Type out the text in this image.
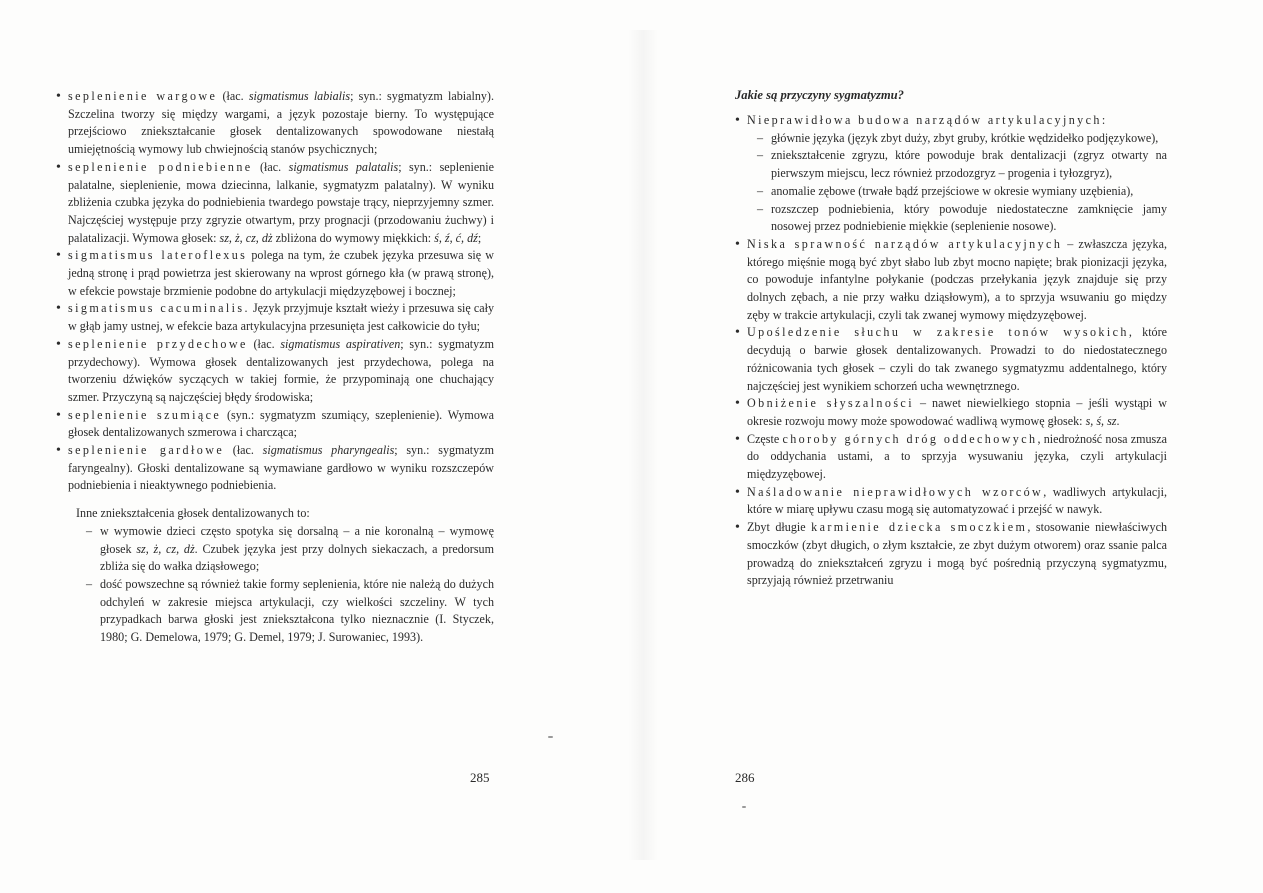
• seplenienie wargowe (łac. sigmatismus labialis; syn.: sygmatyzm labialny). Szczelina tworzy się między wargami, a język pozostaje bierny. To występujące przejściowo zniekształcanie głosek dentalizowanych spowodowane niestałą umiejętnością wymowy lub chwiejnością stanów psychicznych;
• seplenienie podniebienne (łac. sigmatismus palatalis; syn.: seplenienie palatalne, sieplenienie, mowa dziecinna, lalkanie, sygmatyzm palatalny). W wyniku zbliżenia czubka języka do podniebienia twardego powstaje trący, nieprzyjemny szmer. Najczęściej występuje przy zgryzie otwartym, przy prognacji (przodowaniu żuchwy) i palatalizacji. Wymowa głosek: sz, ż, cz, dż zbliżona do wymowy miękkich: ś, ź, ć, dź;
• sigmatismus lateroflexus polega na tym, że czubek języka przesuwa się w jedną stronę i prąd powietrza jest skierowany na wprost górnego kła (w prawą stronę), w efekcie powstaje brzmienie podobne do artykulacji międzyzębowej i bocznej;
• sigmatismus cacuminalis. Język przyjmuje kształt wieży i przesuwa się cały w głąb jamy ustnej, w efekcie baza artykulacyjna przesunięta jest całkowicie do tyłu;
• seplenienie przydechowe (łac. sigmatismus aspirativen; syn.: sygmatyzm przydechowy). Wymowa głosek dentalizowanych jest przydechowa, polega na tworzeniu dźwięków syczących w takiej formie, że przypominają one chuchający szmer. Przyczyną są najczęściej błędy środowiska;
• seplenienie szumiące (syn.: sygmatyzm szumiący, szeplenienie). Wymowa głosek dentalizowanych szmerowa i charcząca;
• seplenienie gardłowe (łac. sigmatismus pharyngealis; syn.: sygmatyzm faryngealny). Głoski dentalizowane są wymawiane gardłowo w wyniku rozszczepów podniebienia i nieaktywnego podniebienia.
Inne zniekształcenia głosek dentalizowanych to:
– w wymowie dzieci często spotyka się dorsalną – a nie koronalną – wymowę głosek sz, ż, cz, dż. Czubek języka jest przy dolnych siekaczach, a predorsum zbliża się do wałka dziąsłowego;
– dość powszechne są również takie formy seplenienia, które nie należą do dużych odchyleń w zakresie miejsca artykulacji, czy wielkości szczeliny. W tych przypadkach barwa głoski jest zniekształcona tylko nieznacznie (I. Styczek, 1980; G. Demelowa, 1979; G. Demel, 1979; J. Surowaniec, 1993).
285
Jakie są przyczyny sygmatyzmu?
• Nieprawidłowa budowa narządów artykulacyjnych:
– głównie języka (język zbyt duży, zbyt gruby, krótkie wędzidełko podjęzykowe),
– zniekształcenie zgryzu, które powoduje brak dentalizacji (zgryz otwarty na pierwszym miejscu, lecz również przodozgryz – progenia i tyłozgryz),
– anomalie zębowe (trwałe bądź przejściowe w okresie wymiany uzębienia),
– rozszczep podniebienia, który powoduje niedostateczne zamknięcie jamy nosowej przez podniebienie miękkie (seplenienie nosowe).
• Niska sprawność narządów artykulacyjnych – zwłaszcza języka, którego mięśnie mogą być zbyt słabo lub zbyt mocno napięte; brak pionizacji języka, co powoduje infantylne połykanie (podczas przełykania język znajduje się przy dolnych zębach, a nie przy wałku dziąsłowym), a to sprzyja wsuwaniu go między zęby w trakcie artykulacji, czyli tak zwanej wymowy międzyzębowej.
• Upośledzenie słuchu w zakresie tonów wysokich, które decydują o barwie głosek dentalizowanych. Prowadzi to do niedostatecznego różnicowania tych głosek – czyli do tak zwanego sygmatyzmu addentalnego, który najczęściej jest wynikiem schorzeń ucha wewnętrznego.
• Obniżenie słyszalności – nawet niewielkiego stopnia – jeśli wystąpi w okresie rozwoju mowy może spowodować wadliwą wymowę głosek: s, ś, sz.
• Częste choroby górnych dróg oddechowych, niedrożność nosa zmusza do oddychania ustami, a to sprzyja wysuwaniu języka, czyli artykulacji międzyzębowej.
• Naśladowanie nieprawidłowych wzorców, wadliwych artykulacji, które w miarę upływu czasu mogą się automatyzować i przejść w nawyk.
• Zbyt długie karmienie dziecka smoczkiem, stosowanie niewłaściwych smoczków (zbyt długich, o złym kształcie, ze zbyt dużym otworem) oraz ssanie palca prowadzą do zniekształceń zgryzu i mogą być pośrednią przyczyną sygmatyzmu, sprzyjają również przetrwaniu
286
